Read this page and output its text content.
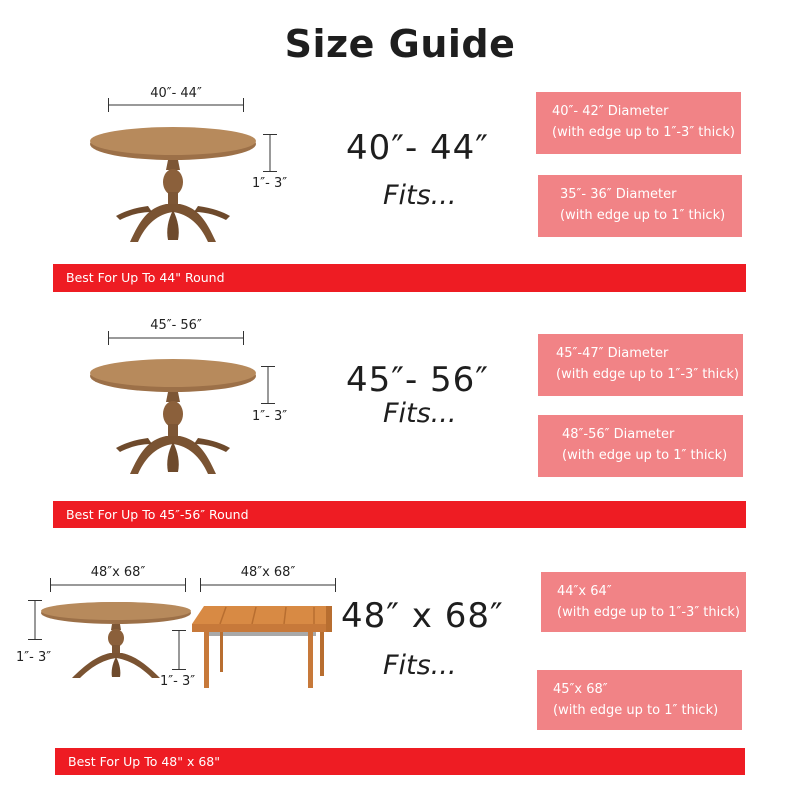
Size Guide
40″- 44″
1″- 3″
40″- 44″
Fits...
40″- 42″ Diameter
(with edge up to 1″-3″ thick)
35″- 36″ Diameter
(with edge up to 1″ thick)
Best For Up To 44" Round
45″- 56″
1″- 3″
45″- 56″
Fits...
45″-47″ Diameter
(with edge up to 1″-3″ thick)
48″-56″ Diameter
(with edge up to 1″ thick)
Best For Up To 45″-56″ Round
48″x 68″	48″x 68″
1″- 3″
1″- 3″
48″ x 68″
Fits...
44″x 64″
(with edge up to 1″-3″ thick)
45″x 68″
(with edge up to 1″ thick)
Best For Up To 48" x 68"
